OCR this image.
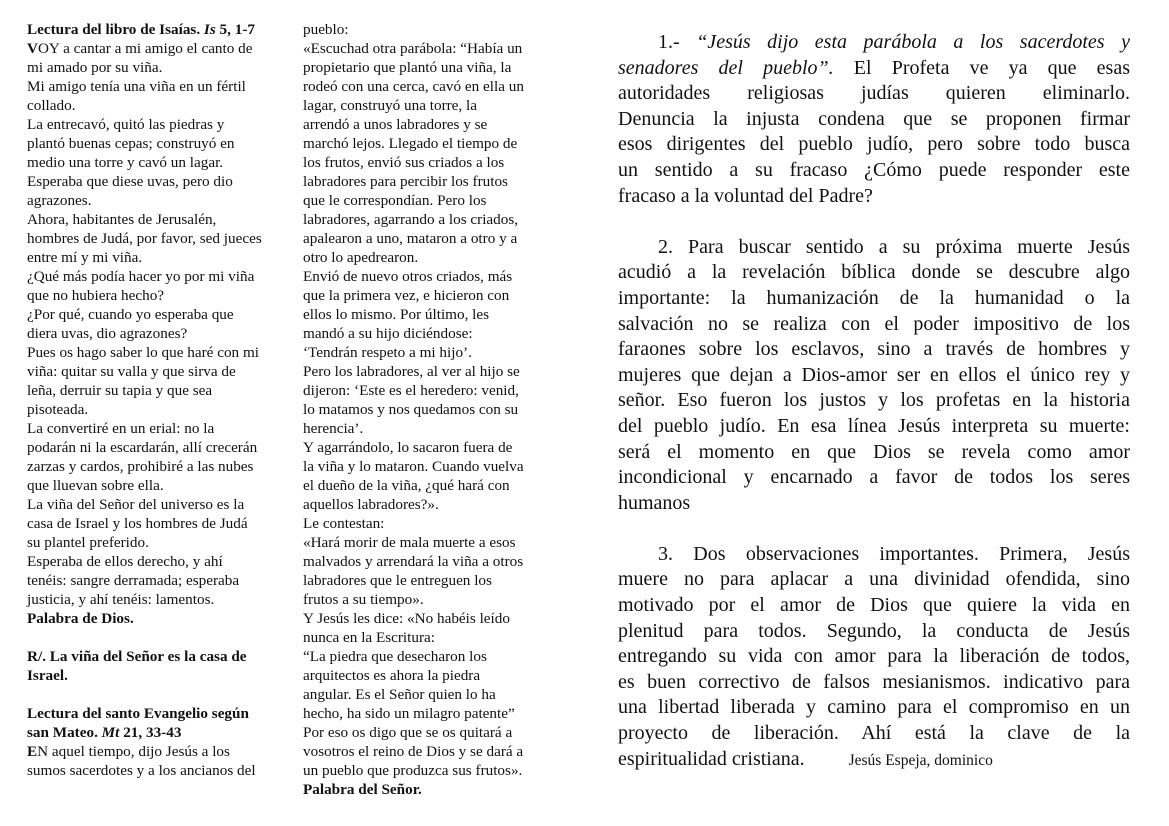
Lectura del libro de Isaías. Is 5, 1-7
VOY a cantar a mi amigo el canto de
mi amado por su viña.
Mi amigo tenía una viña en un fértil
collado.
La entrecavó, quitó las piedras y
plantó buenas cepas; construyó en
medio una torre y cavó un lagar.
Esperaba que diese uvas, pero dio
agrazones.
Ahora, habitantes de Jerusalén,
hombres de Judá, por favor, sed jueces
entre mí y mi viña.
¿Qué más podía hacer yo por mi viña
que no hubiera hecho?
¿Por qué, cuando yo esperaba que
diera uvas, dio agrazones?
Pues os hago saber lo que haré con mi
viña: quitar su valla y que sirva de
leña, derruir su tapia y que sea
pisoteada.
La convertiré en un erial: no la
podarán ni la escardarán, allí crecerán
zarzas y cardos, prohibiré a las nubes
que lluevan sobre ella.
La viña del Señor del universo es la
casa de Israel y los hombres de Judá
su plantel preferido.
Esperaba de ellos derecho, y ahí
tenéis: sangre derramada; esperaba
justicia, y ahí tenéis: lamentos.
Palabra de Dios.
R/. La viña del Señor es la casa de
Israel.
Lectura del santo Evangelio según
san Mateo. Mt 21, 33-43
EN aquel tiempo, dijo Jesús a los
sumos sacerdotes y a los ancianos del
pueblo:
«Escuchad otra parábola: “Había un
propietario que plantó una viña, la
rodeó con una cerca, cavó en ella un
lagar, construyó una torre, la
arrendó a unos labradores y se
marchó lejos. Llegado el tiempo de
los frutos, envió sus criados a los
labradores para percibir los frutos
que le correspondían. Pero los
labradores, agarrando a los criados,
apalearon a uno, mataron a otro y a
otro lo apedrearon.
Envió de nuevo otros criados, más
que la primera vez, e hicieron con
ellos lo mismo. Por último, les
mandó a su hijo diciéndose:
‘Tendrán respeto a mi hijo’.
Pero los labradores, al ver al hijo se
dijeron: ‘Este es el heredero: venid,
lo matamos y nos quedamos con su
herencia’.
Y agarrándolo, lo sacaron fuera de
la viña y lo mataron. Cuando vuelva
el dueño de la viña, ¿qué hará con
aquellos labradores?».
Le contestan:
«Hará morir de mala muerte a esos
malvados y arrendará la viña a otros
labradores que le entreguen los
frutos a su tiempo».
Y Jesús les dice: «No habéis leído
nunca en la Escritura:
“La piedra que desecharon los
arquitectos es ahora la piedra
angular. Es el Señor quien lo ha
hecho, ha sido un milagro patente”
Por eso os digo que se os quitará a
vosotros el reino de Dios y se dará a
un pueblo que produzca sus frutos».
Palabra del Señor.
1.- “Jesús dijo esta parábola a los sacerdotes y
senadores del pueblo”. El Profeta ve ya que esas
autoridades religiosas judías quieren eliminarlo.
Denuncia la injusta condena que se proponen firmar
esos dirigentes del pueblo judío, pero sobre todo busca
un sentido a su fracaso ¿Cómo puede responder este
fracaso a la voluntad del Padre?
2. Para buscar sentido a su próxima muerte Jesús
acudió a la revelación bíblica donde se descubre algo
importante: la humanización de la humanidad o la
salvación no se realiza con el poder impositivo de los
faraones sobre los esclavos, sino a través de hombres y
mujeres que dejan a Dios-amor ser en ellos el único rey y
señor. Eso fueron los justos y los profetas en la historia
del pueblo judío. En esa línea Jesús interpreta su muerte:
será el momento en que Dios se revela como amor
incondicional y encarnado a favor de todos los seres
humanos
3. Dos observaciones importantes. Primera, Jesús
muere no para aplacar a una divinidad ofendida, sino
motivado por el amor de Dios que quiere la vida en
plenitud para todos. Segundo, la conducta de Jesús
entregando su vida con amor para la liberación de todos,
es buen correctivo de falsos mesianismos. indicativo para
una libertad liberada y camino para el compromiso en un
proyecto de liberación. Ahí está la clave de la
espiritualidad cristiana.	Jesús Espeja, dominico
